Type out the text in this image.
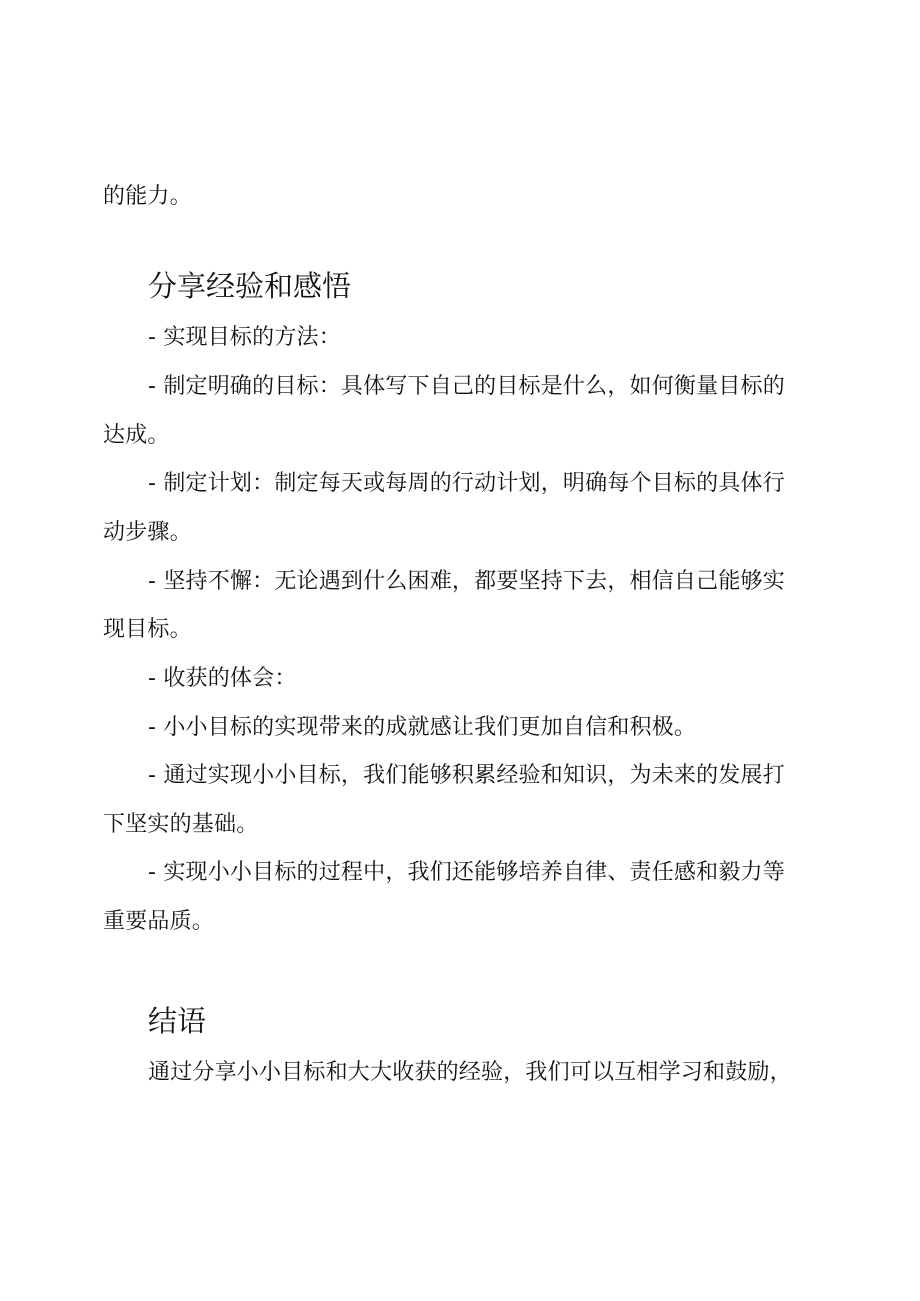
的能力。
分享经验和感悟
- 实现目标的方法：
- 制定明确的目标：具体写下自己的目标是什么，如何衡量目标的
达成。
- 制定计划：制定每天或每周的行动计划，明确每个目标的具体行
动步骤。
- 坚持不懈：无论遇到什么困难，都要坚持下去，相信自己能够实
现目标。
- 收获的体会：
- 小小目标的实现带来的成就感让我们更加自信和积极。
- 通过实现小小目标，我们能够积累经验和知识，为未来的发展打
下坚实的基础。
- 实现小小目标的过程中，我们还能够培养自律、责任感和毅力等
重要品质。
结语
通过分享小小目标和大大收获的经验，我们可以互相学习和鼓励，
